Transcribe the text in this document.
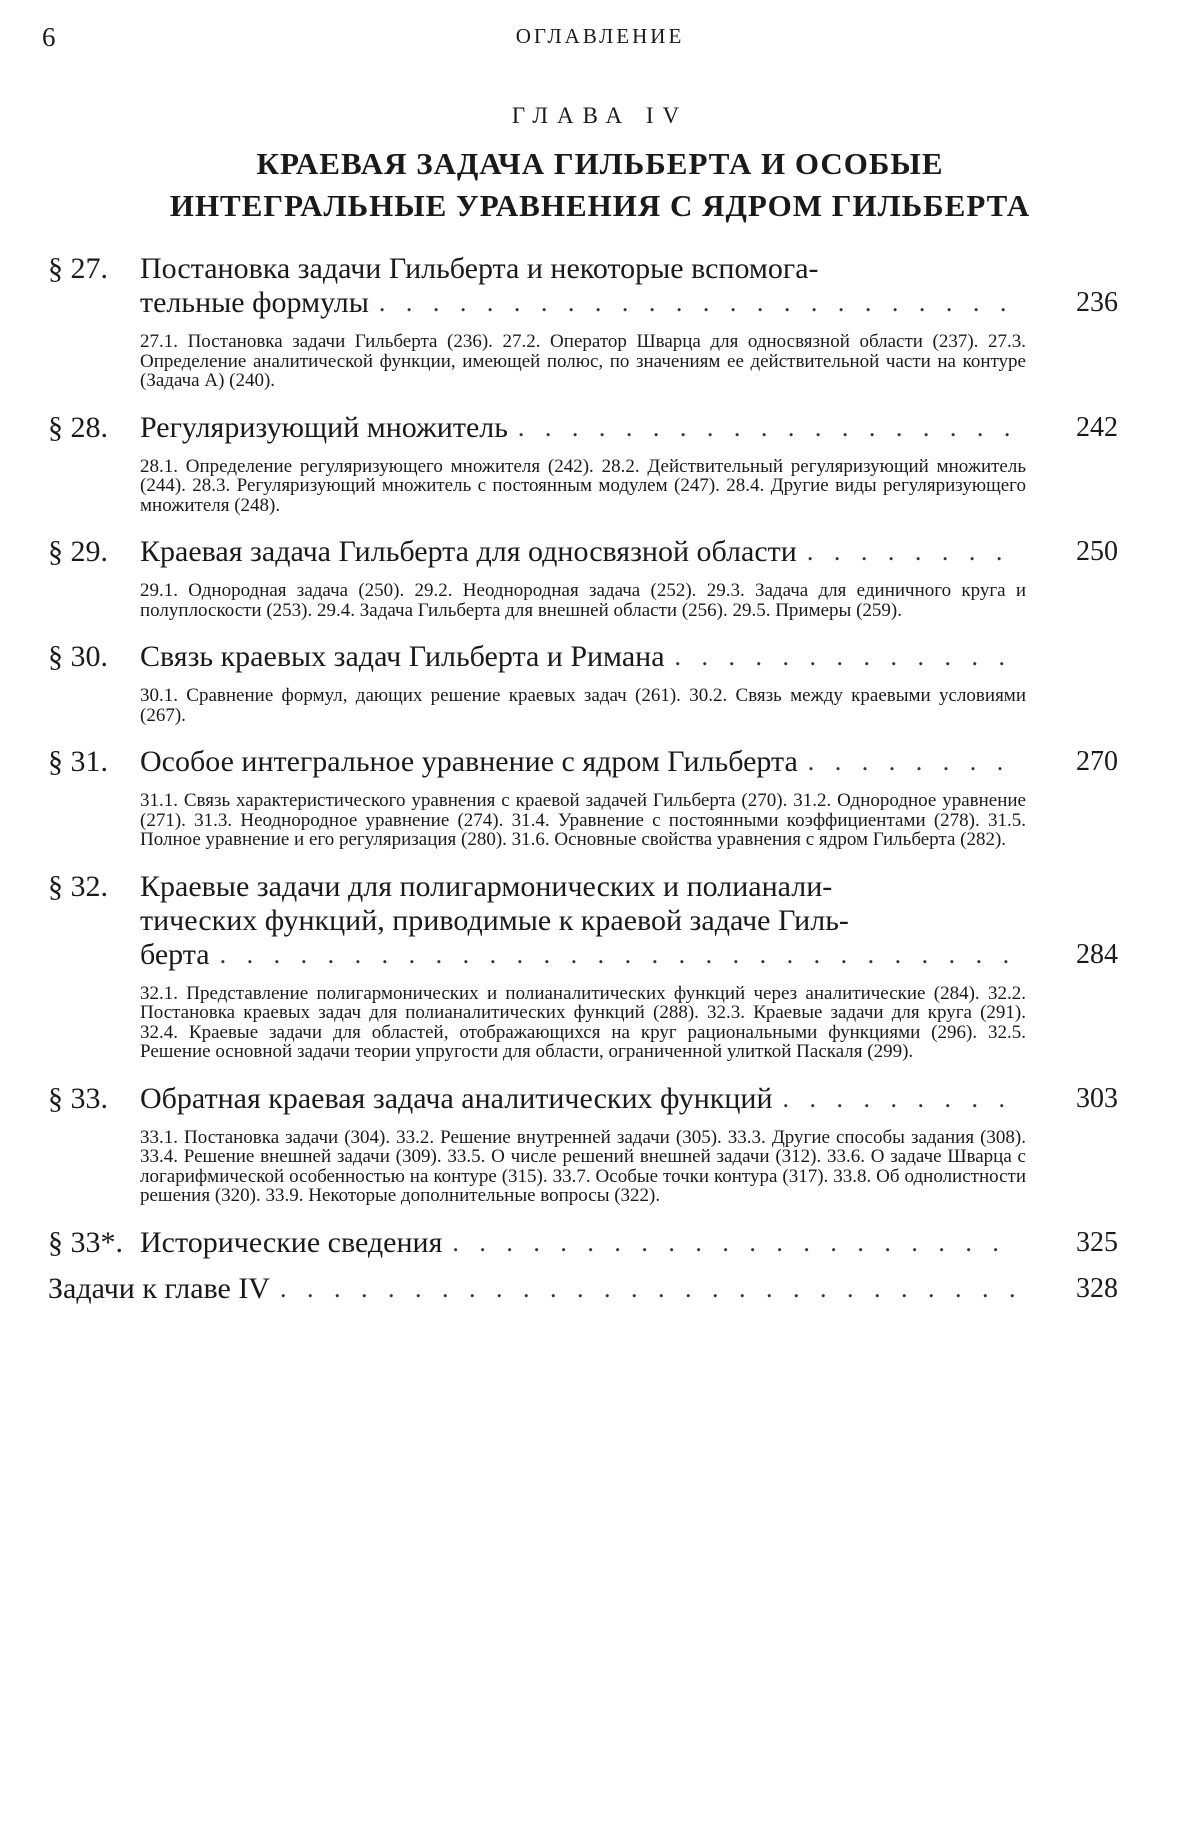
6	ОГЛАВЛЕНИЕ
ГЛАВА IV
КРАЕВАЯ ЗАДАЧА ГИЛЬБЕРТА И ОСОБЫЕ
ИНТЕГРАЛЬНЫЕ УРАВНЕНИЯ С ЯДРОМ ГИЛЬБЕРТА
§ 27. Постановка задачи Гильберта и некоторые вспомога-
тельные формулы . . .	236
27.1. Постановка задачи Гильберта (236). 27.2. Оператор Шварца для односвязной области (237). 27.3. Определение аналитической функции, имеющей полюс, по значениям ее действительной части на контуре (Задача A) (240).
§ 28.	Регуляризующий множитель . . .	242
28.1. Определение регуляризующего множителя (242). 28.2. Действительный регуляризующий множитель (244). 28.3. Регуляризующий множитель с постоянным модулем (247). 28.4. Другие виды регуляризующего множителя (248).
§ 29.	Краевая задача Гильберта для односвязной области . . .	250
29.1. Однородная задача (250). 29.2. Неоднородная задача (252). 29.3. Задача для единичного круга и полуплоскости (253). 29.4. Задача Гильберта для внешней области (256). 29.5. Примеры (259).
§ 30.	Связь краевых задач Гильберта и Римана
. . .
30.1. Сравнение формул, дающих решение краевых задач (261). 30.2. Связь между краевыми условиями (267).
§ 31.	Особое интегральное уравнение с ядром Гильберта . . .	270
31.1. Связь характеристического уравнения с краевой задачей Гильберта (270). 31.2. Однородное уравнение (271). 31.3. Неоднородное уравнение (274). 31.4. Уравнение с постоянными коэффициентами (278). 31.5. Полное уравнение и его регуляризация (280). 31.6. Основные свойства уравнения с ядром Гильберта (282).
§ 32. Краевые задачи для полигармонических и полианали-
тических функций, приводимые к краевой задаче Гиль-
берта . . .	284
32.1. Представление полигармонических и полианалитических функций через аналитические (284). 32.2. Постановка краевых задач для полианалитических функций (288). 32.3. Краевые задачи для круга (291). 32.4. Краевые задачи для областей, отображающихся на круг рациональными функциями (296). 32.5. Решение основной задачи теории упругости для области, ограниченной улиткой Паскаля (299).
§ 33.	Обратная краевая задача аналитических функций . . .	303
33.1. Постановка задачи (304). 33.2. Решение внутренней задачи (305). 33.3. Другие способы задания (308). 33.4. Решение внешней задачи (309). 33.5. О числе решений внешней задачи (312). 33.6. О задаче Шварца с логарифмической особенностью на контуре (315). 33.7. Особые точки контура (317). 33.8. Об однолистности решения (320). 33.9. Некоторые дополнительные вопросы (322).
§ 33*. Исторические сведения . . .	325
Задачи к главе IV . . .	328
